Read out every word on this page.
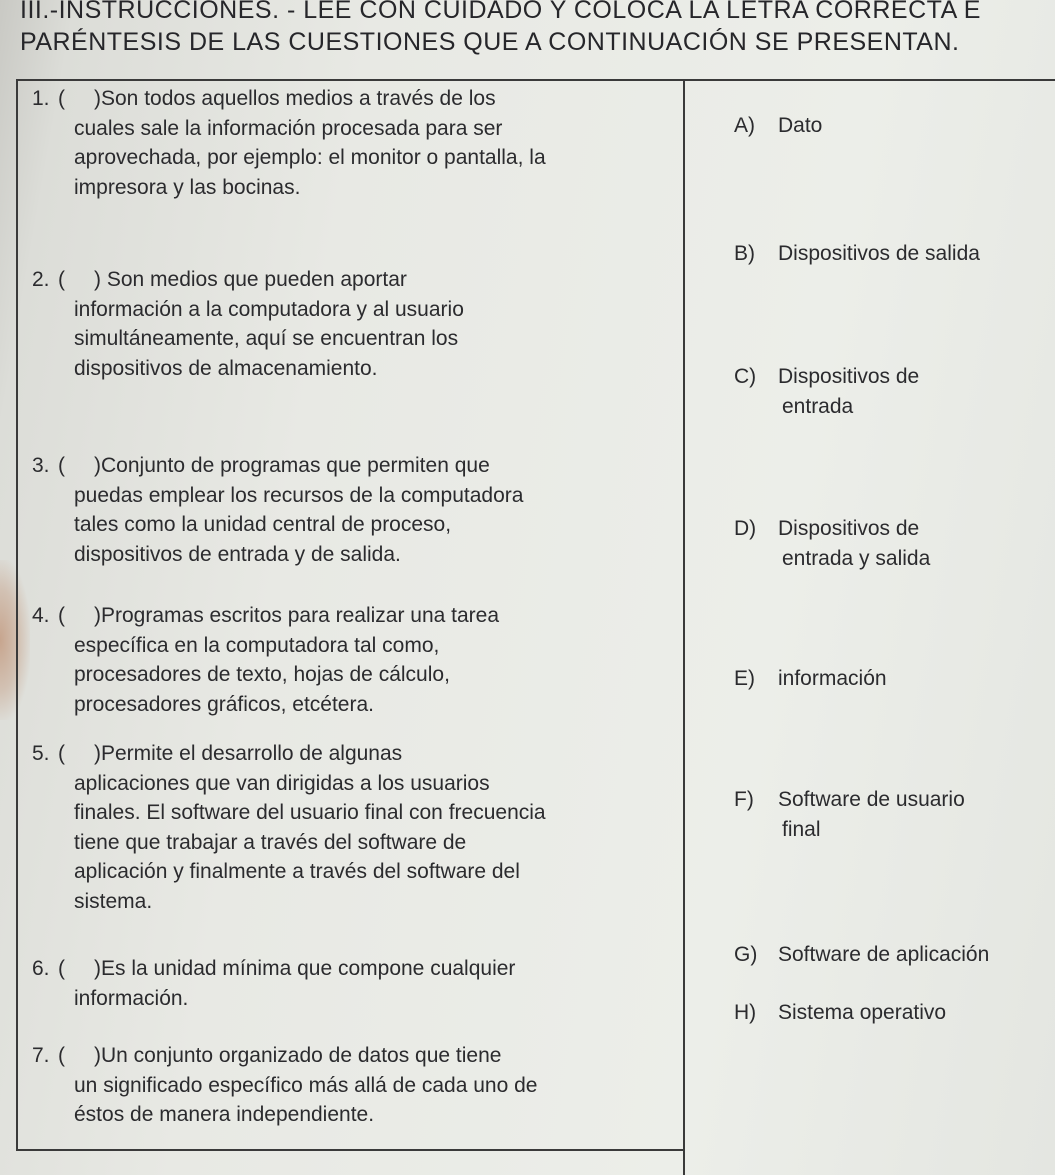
III.-INSTRUCCIONES. - LEE CON CUIDADO Y COLOCA LA LETRA CORRECTA E
PARÉNTESIS DE LAS CUESTIONES QUE A CONTINUACIÓN SE PRESENTAN.
1. ( )Son todos aquellos medios a través de los
cuales sale la información procesada para ser
aprovechada, por ejemplo: el monitor o pantalla, la
impresora y las bocinas.
2. ( ) Son medios que pueden aportar
información a la computadora y al usuario
simultáneamente, aquí se encuentran los
dispositivos de almacenamiento.
3. ( )Conjunto de programas que permiten que
puedas emplear los recursos de la computadora
tales como la unidad central de proceso,
dispositivos de entrada y de salida.
4. ( )Programas escritos para realizar una tarea
específica en la computadora tal como,
procesadores de texto, hojas de cálculo,
procesadores gráficos, etcétera.
5. ( )Permite el desarrollo de algunas
aplicaciones que van dirigidas a los usuarios
finales. El software del usuario final con frecuencia
tiene que trabajar a través del software de
aplicación y finalmente a través del software del
sistema.
6. ( )Es la unidad mínima que compone cualquier
información.
7. ( )Un conjunto organizado de datos que tiene
un significado específico más allá de cada uno de
éstos de manera independiente.
A) Dato
B) Dispositivos de salida
C) Dispositivos de
entrada
D) Dispositivos de
entrada y salida
E) información
F) Software de usuario
final
G) Software de aplicación
H) Sistema operativo
